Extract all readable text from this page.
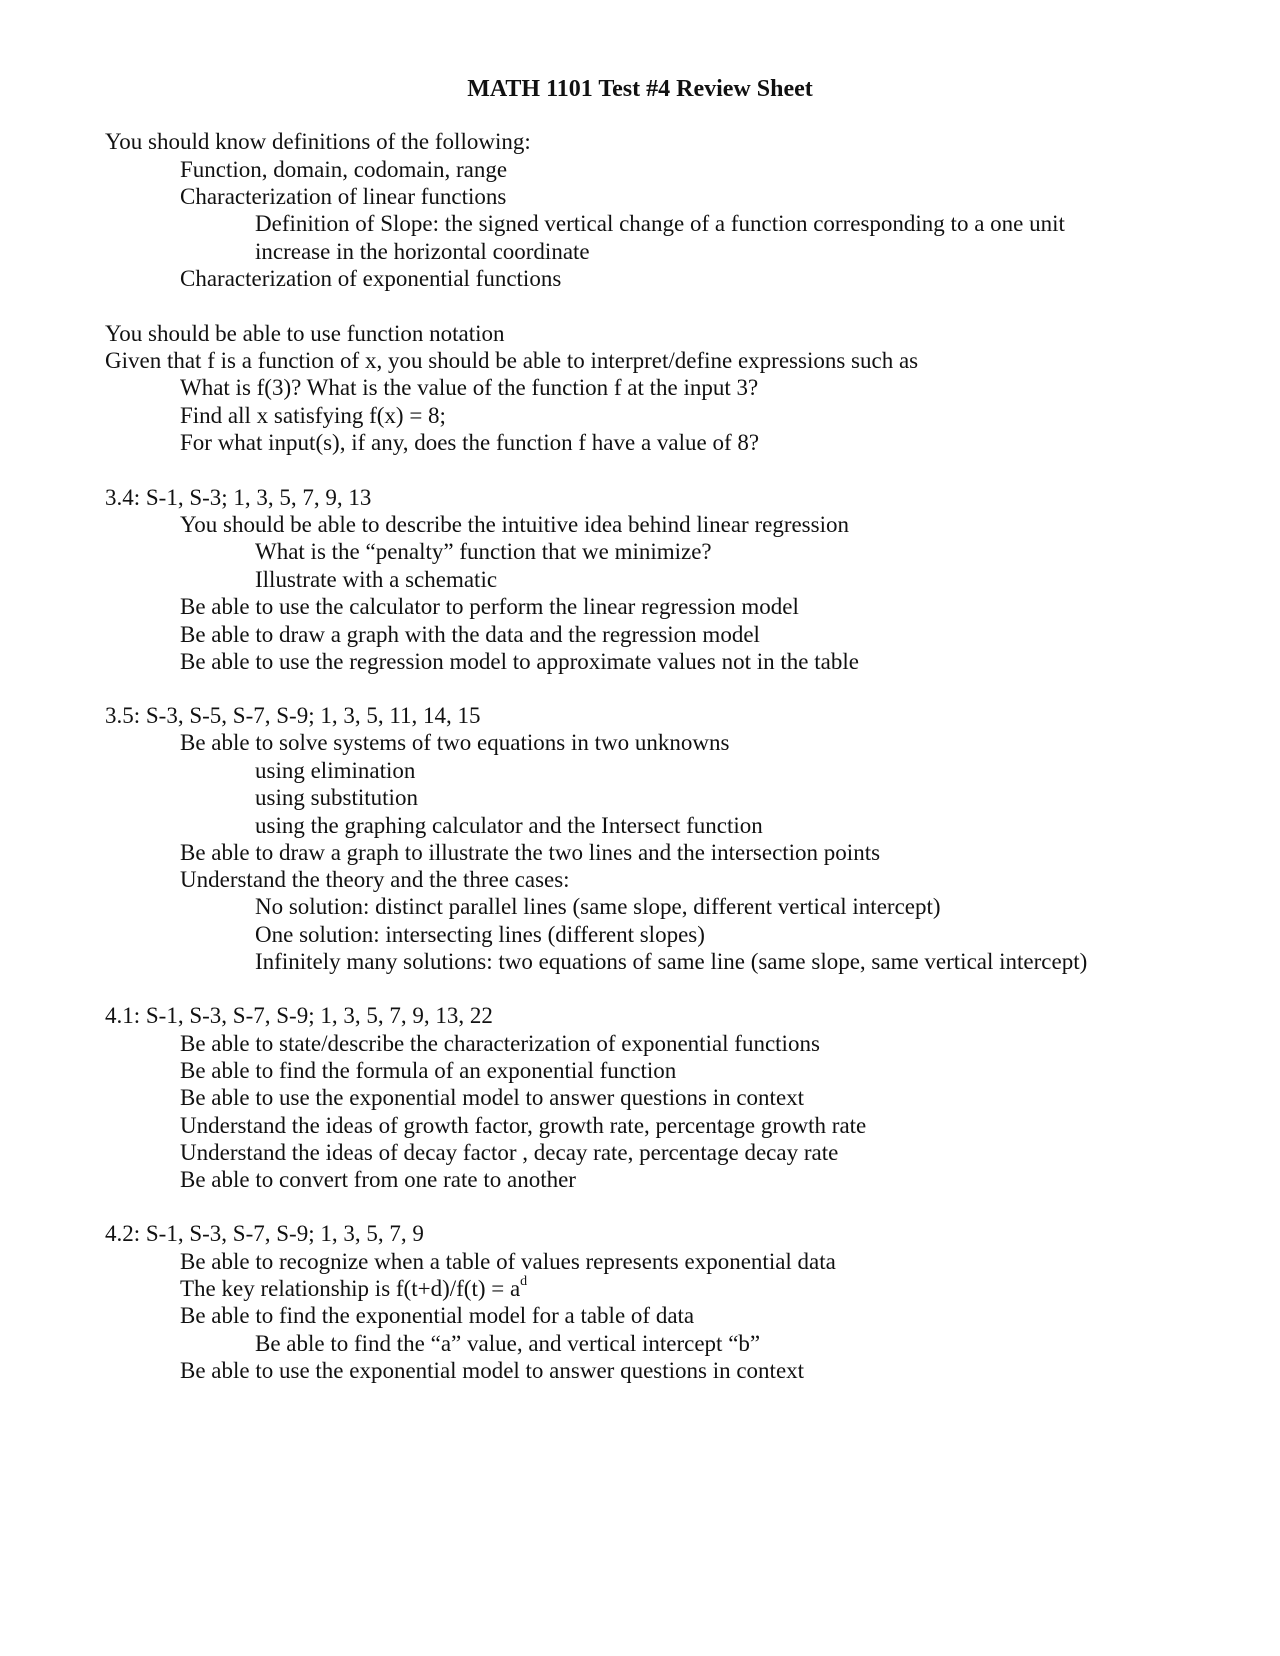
MATH 1101 Test #4 Review Sheet

You should know definitions of the following:

Function, domain, codomain, range

Characterization of linear functions

Definition of Slope: the signed vertical change of a function corresponding to a one unit

increase in the horizontal coordinate

Characterization of exponential functions

You should be able to use function notation

Given that f is a function of x, you should be able to interpret/define expressions such as

What is f(3)? What is the value of the function f at the input 3?

Find all x satisfying f(x) = 8;

For what input(s), if any, does the function f have a value of 8?

3.4: S-1, S-3; 1, 3, 5, 7, 9, 13

You should be able to describe the intuitive idea behind linear regression

What is the “penalty” function that we minimize?

Illustrate with a schematic

Be able to use the calculator to perform the linear regression model

Be able to draw a graph with the data and the regression model

Be able to use the regression model to approximate values not in the table

3.5: S-3, S-5, S-7, S-9; 1, 3, 5, 11, 14, 15

Be able to solve systems of two equations in two unknowns

using elimination

using substitution

using the graphing calculator and the Intersect function

Be able to draw a graph to illustrate the two lines and the intersection points

Understand the theory and the three cases:

No solution: distinct parallel lines (same slope, different vertical intercept)

One solution: intersecting lines (different slopes)

Infinitely many solutions: two equations of same line (same slope, same vertical intercept)

4.1: S-1, S-3, S-7, S-9; 1, 3, 5, 7, 9, 13, 22

Be able to state/describe the characterization of exponential functions

Be able to find the formula of an exponential function

Be able to use the exponential model to answer questions in context

Understand the ideas of growth factor, growth rate, percentage growth rate

Understand the ideas of decay factor , decay rate, percentage decay rate

Be able to convert from one rate to another

4.2: S-1, S-3, S-7, S-9; 1, 3, 5, 7, 9

Be able to recognize when a table of values represents exponential data

The key relationship is $f(t+d)/f(t) = a^d$

Be able to find the exponential model for a table of data

Be able to find the “a” value, and vertical intercept “b”

Be able to use the exponential model to answer questions in context
